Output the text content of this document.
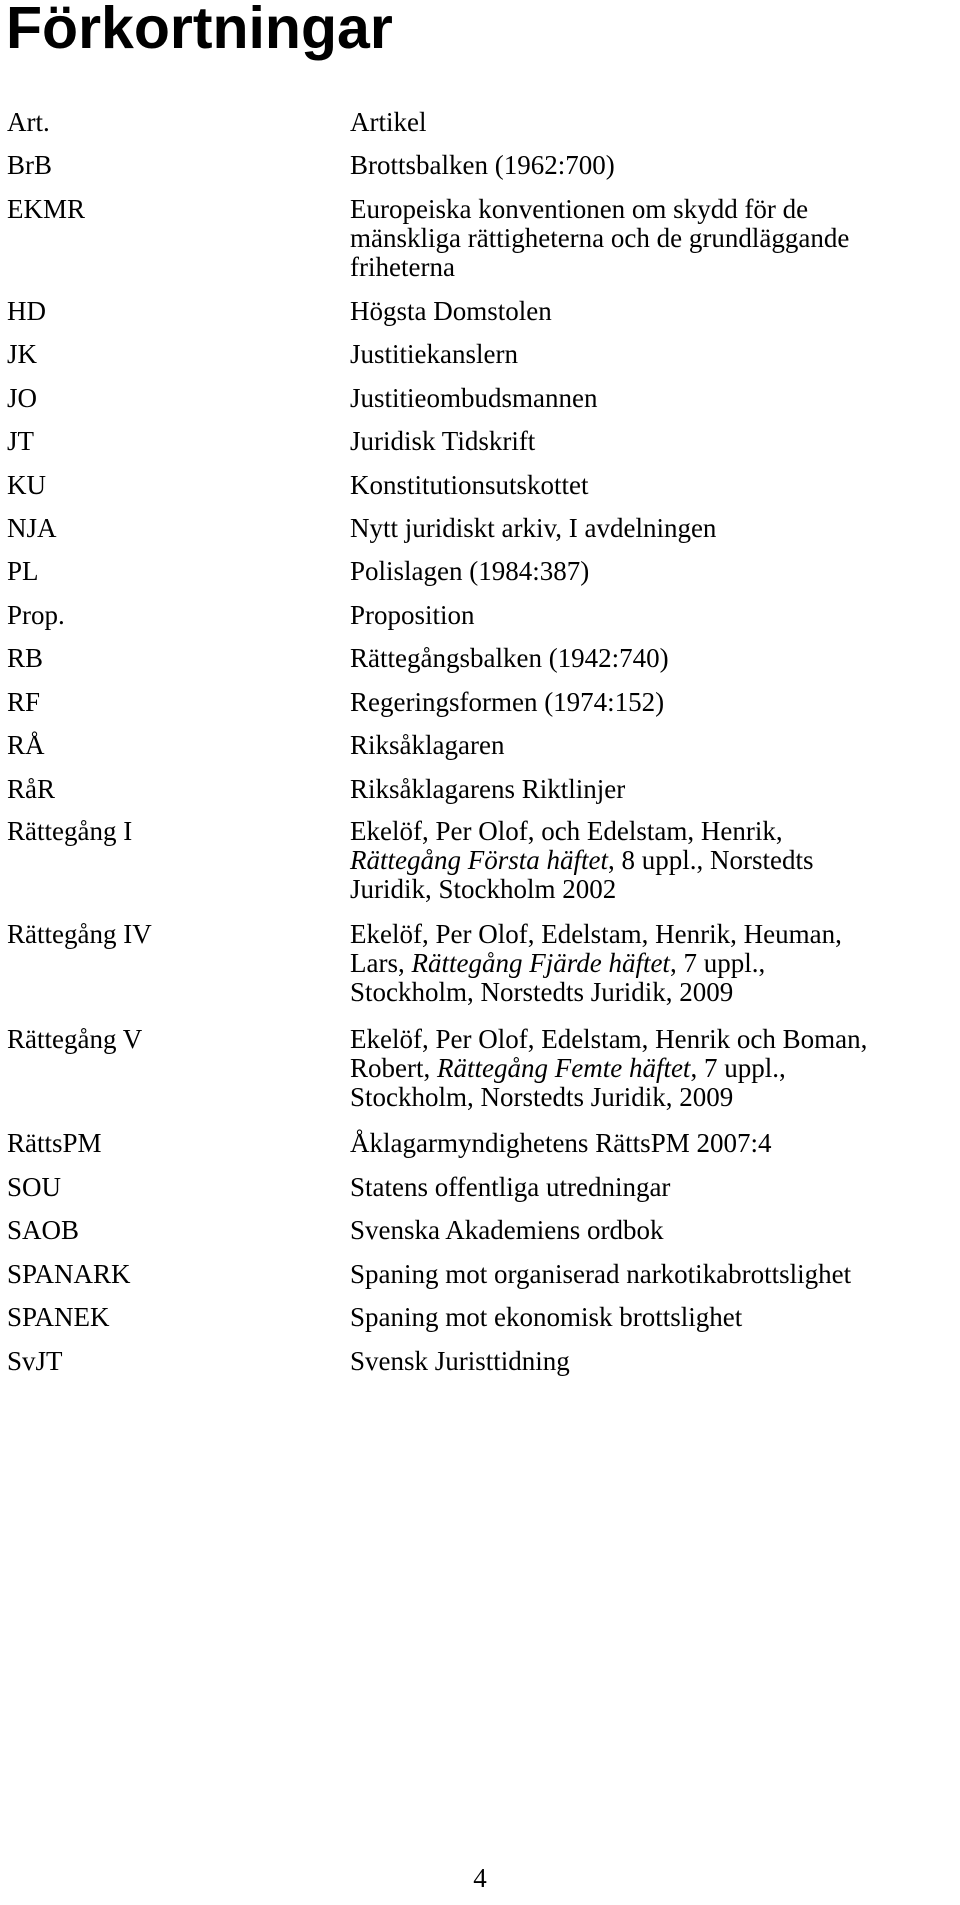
Förkortningar
Art.	Artikel
BrB	Brottsbalken (1962:700)
EKMR	Europeiska konventionen om skydd för de
mänskliga rättigheterna och de grundläggande
friheterna
HD	Högsta Domstolen
JK	Justitiekanslern
JO	Justitieombudsmannen
JT	Juridisk Tidskrift
KU	Konstitutionsutskottet
NJA	Nytt juridiskt arkiv, I avdelningen
PL	Polislagen (1984:387)
Prop.	Proposition
RB	Rättegångsbalken (1942:740)
RF	Regeringsformen (1974:152)
RÅ	Riksåklagaren
RåR	Riksåklagarens Riktlinjer
Rättegång I	Ekelöf, Per Olof, och Edelstam, Henrik,
Rättegång Första häftet, 8 uppl., Norstedts
Juridik, Stockholm 2002
Rättegång IV	Ekelöf, Per Olof, Edelstam, Henrik, Heuman,
Lars, Rättegång Fjärde häftet, 7 uppl.,
Stockholm, Norstedts Juridik, 2009
Rättegång V	Ekelöf, Per Olof, Edelstam, Henrik och Boman,
Robert, Rättegång Femte häftet, 7 uppl.,
Stockholm, Norstedts Juridik, 2009
RättsPM	Åklagarmyndighetens RättsPM 2007:4
SOU	Statens offentliga utredningar
SAOB	Svenska Akademiens ordbok
SPANARK	Spaning mot organiserad narkotikabrottslighet
SPANEK	Spaning mot ekonomisk brottslighet
SvJT	Svensk Juristtidning
4
